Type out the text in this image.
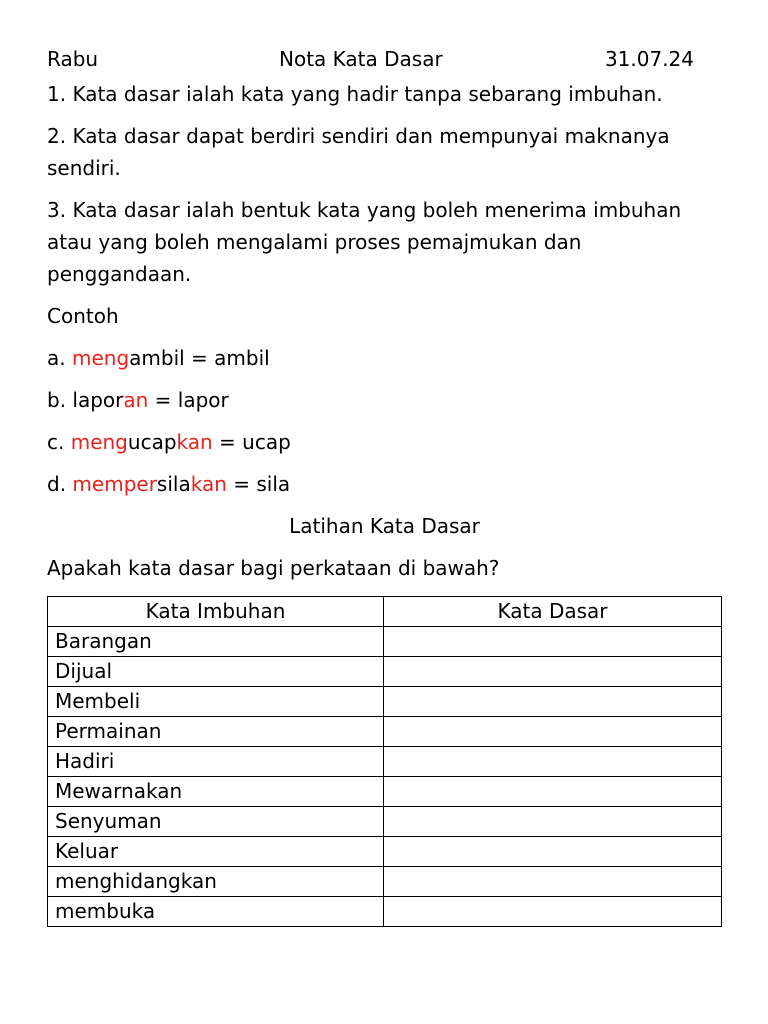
Rabu	Nota Kata Dasar	31.07.24

1. Kata dasar ialah kata yang hadir tanpa sebarang imbuhan.

2. Kata dasar dapat berdiri sendiri dan mempunyai maknanya sendiri.

3. Kata dasar ialah bentuk kata yang boleh menerima imbuhan atau yang boleh mengalami proses pemajmukan dan penggandaan.

Contoh
a. mengambil = ambil
b. laporan = lapor
c. mengucapkan = ucap
d. mempersilakan = sila
Latihan Kata Dasar
Apakah kata dasar bagi perkataan di bawah?
Kata Imbuhan	Kata Dasar
Barangan	
Dijual	
Membeli	
Permainan	
Hadiri	
Mewarnakan	
Senyuman	
Keluar	
menghidangkan	
membuka	
